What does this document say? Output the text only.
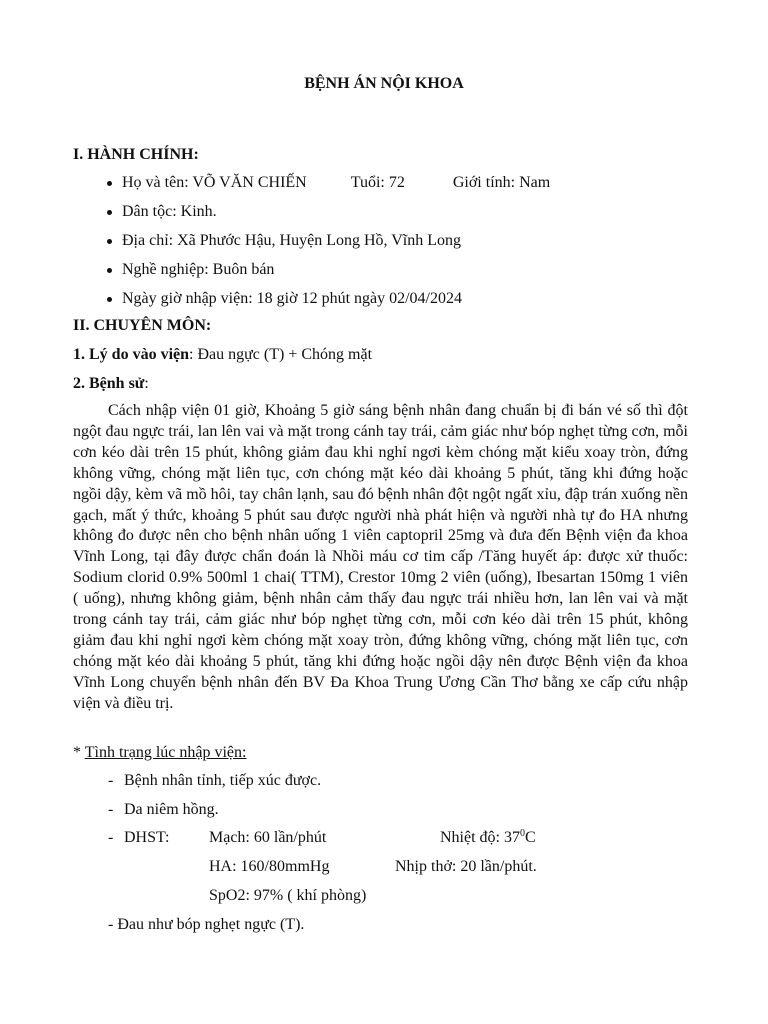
BỆNH ÁN NỘI KHOA
I. HÀNH CHÍNH:
Họ và tên: VÕ VĂN CHIẾN	Tuổi: 72	Giới tính: Nam
Dân tộc: Kinh.
Địa chỉ: Xã Phước Hậu, Huyện Long Hồ, Vĩnh Long
Nghề nghiệp: Buôn bán
Ngày giờ nhập viện: 18 giờ 12 phút ngày 02/04/2024
II. CHUYÊN MÔN:
1. Lý do vào viện: Đau ngực (T) + Chóng mặt
2. Bệnh sử:

Cách nhập viện 01 giờ, Khoảng 5 giờ sáng bệnh nhân đang chuẩn bị đi bán vé số thì đột ngột đau ngực trái, lan lên vai và mặt trong cánh tay trái, cảm giác như bóp nghẹt từng cơn, mỗi cơn kéo dài trên 15 phút, không giảm đau khi nghỉ ngơi kèm chóng mặt kiểu xoay tròn, đứng không vững, chóng mặt liên tục, cơn chóng mặt kéo dài khoảng 5 phút, tăng khi đứng hoặc ngồi dậy, kèm vã mồ hôi, tay chân lạnh, sau đó bệnh nhân đột ngột ngất xỉu, đập trán xuống nền gạch, mất ý thức, khoảng 5 phút sau được người nhà phát hiện và người nhà tự đo HA nhưng không đo được nên cho bệnh nhân uống 1 viên captopril 25mg và đưa đến Bệnh viện đa khoa Vĩnh Long, tại đây được chẩn đoán là Nhồi máu cơ tim cấp /Tăng huyết áp: được xử thuốc: Sodium clorid 0.9% 500ml 1 chai( TTM), Crestor 10mg 2 viên (uống), Ibesartan 150mg 1 viên ( uống), nhưng không giảm, bệnh nhân cảm thấy đau ngực trái nhiều hơn, lan lên vai và mặt trong cánh tay trái, cảm giác như bóp nghẹt từng cơn, mỗi cơn kéo dài trên 15 phút, không giảm đau khi nghỉ ngơi kèm chóng mặt xoay tròn, đứng không vững, chóng mặt liên tục, cơn chóng mặt kéo dài khoảng 5 phút, tăng khi đứng hoặc ngồi dậy nên được Bệnh viện đa khoa Vĩnh Long chuyển bệnh nhân đến BV Đa Khoa Trung Ương Cần Thơ bằng xe cấp cứu nhập viện và điều trị.

* Tình trạng lúc nhập viện:
- Bệnh nhân tỉnh, tiếp xúc được.
- Da niêm hồng.
- DHST: Mạch: 60 lần/phút	Nhiệt độ: $37^0C$
HA: 160/80mmHg	Nhịp thở: 20 lần/phút.
SpO2: 97% ( khí phòng)
- Đau như bóp nghẹt ngực (T).
